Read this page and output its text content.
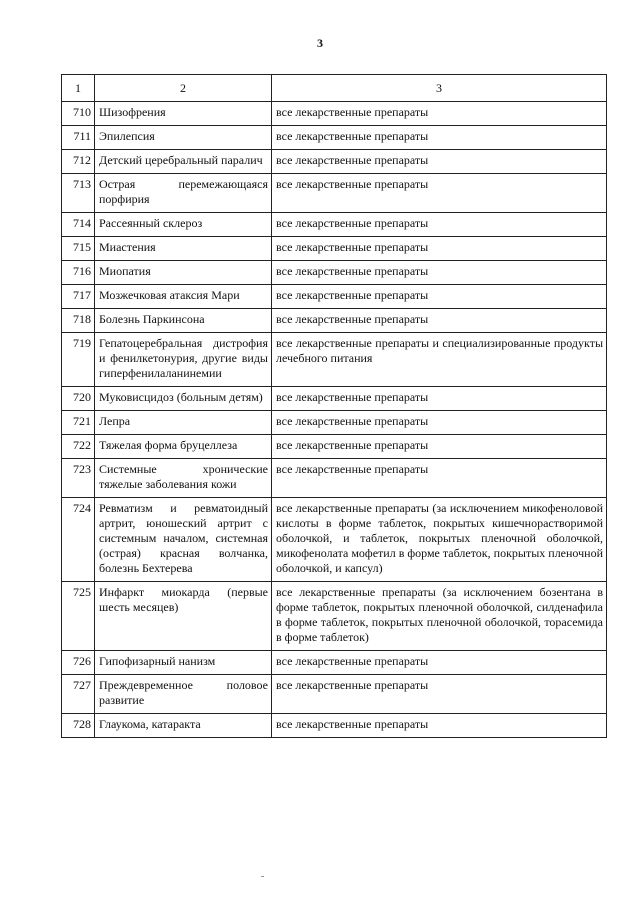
3
1	2	3
710	Шизофрения	все лекарственные препараты
711	Эпилепсия	все лекарственные препараты
712	Детский церебральный паралич	все лекарственные препараты
713	Острая перемежающаяся порфирия	все лекарственные препараты
714	Рассеянный склероз	все лекарственные препараты
715	Миастения	все лекарственные препараты
716	Миопатия	все лекарственные препараты
717	Мозжечковая атаксия Мари	все лекарственные препараты
718	Болезнь Паркинсона	все лекарственные препараты
719	Гепатоцеребральная дистрофия и фенилкетонурия, другие виды гиперфенилаланинемии	все лекарственные препараты и специализированные продукты лечебного питания
720	Муковисцидоз (больным детям)	все лекарственные препараты
721	Лепра	все лекарственные препараты
722	Тяжелая форма бруцеллеза	все лекарственные препараты
723	Системные хронические тяжелые заболевания кожи	все лекарственные препараты
724	Ревматизм и ревматоидный артрит, юношеский артрит с системным началом, системная (острая) красная волчанка, болезнь Бехтерева	все лекарственные препараты (за исключением микофеноловой кислоты в форме таблеток, покрытых кишечнорастворимой оболочкой, и таблеток, покрытых пленочной оболочкой, микофенолата мофетил в форме таблеток, покрытых пленочной оболочкой, и капсул)
725	Инфаркт миокарда (первые шесть месяцев)	все лекарственные препараты (за исключением бозентана в форме таблеток, покрытых пленочной оболочкой, силденафила в форме таблеток, покрытых пленочной оболочкой, торасемида в форме таблеток)
726	Гипофизарный нанизм	все лекарственные препараты
727	Преждевременное половое развитие	все лекарственные препараты
728	Глаукома, катаракта	все лекарственные препараты
